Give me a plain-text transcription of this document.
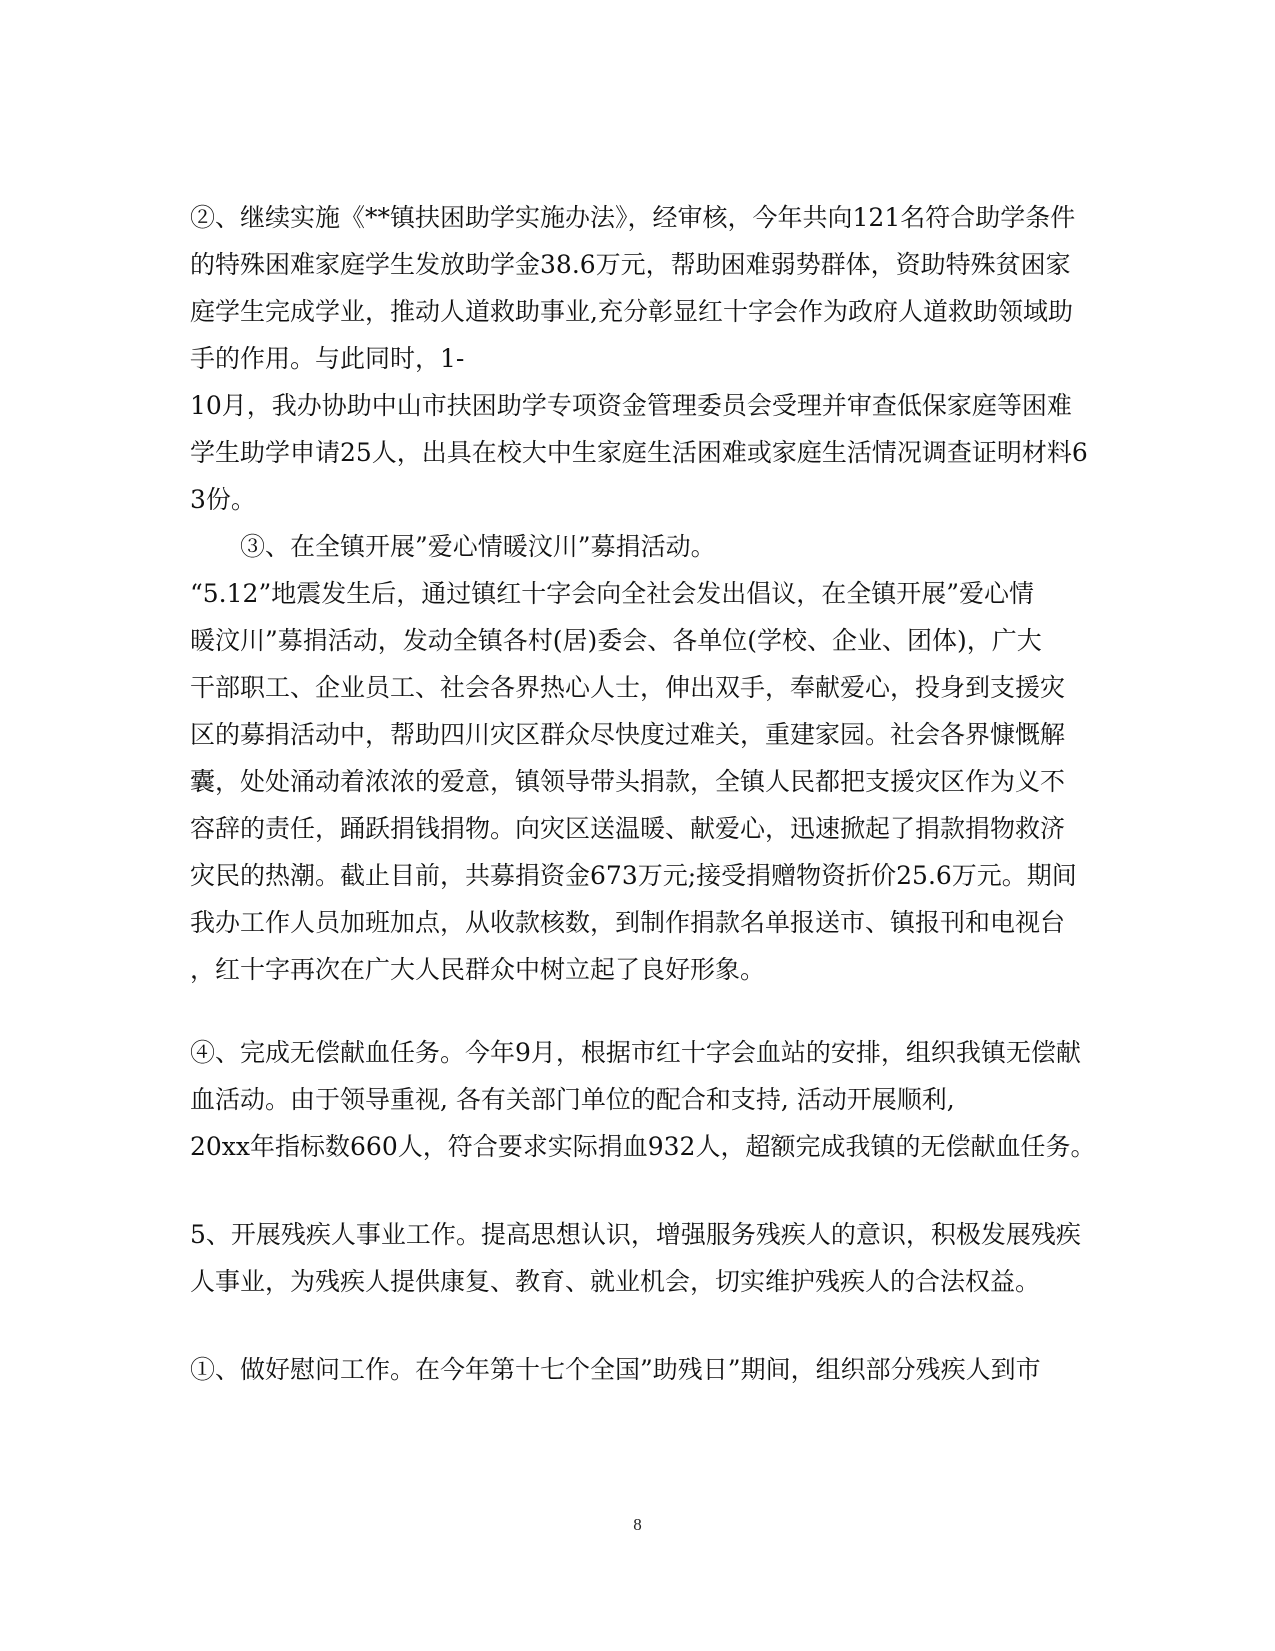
②、继续实施《**镇扶困助学实施办法》，经审核，今年共向121名符合助学条件
的特殊困难家庭学生发放助学金38.6万元，帮助困难弱势群体，资助特殊贫困家
庭学生完成学业，推动人道救助事业,充分彰显红十字会作为政府人道救助领域助
手的作用。与此同时，1-
10月，我办协助中山市扶困助学专项资金管理委员会受理并审查低保家庭等困难
学生助学申请25人，出具在校大中生家庭生活困难或家庭生活情况调查证明材料6
3份。
③、在全镇开展”爱心情暖汶川”募捐活动。
“5.12”地震发生后，通过镇红十字会向全社会发出倡议，在全镇开展”爱心情
暖汶川”募捐活动，发动全镇各村(居)委会、各单位(学校、企业、团体)，广大
干部职工、企业员工、社会各界热心人士，伸出双手，奉献爱心，投身到支援灾
区的募捐活动中，帮助四川灾区群众尽快度过难关，重建家园。社会各界慷慨解
囊，处处涌动着浓浓的爱意，镇领导带头捐款，全镇人民都把支援灾区作为义不
容辞的责任，踊跃捐钱捐物。向灾区送温暖、献爱心，迅速掀起了捐款捐物救济
灾民的热潮。截止目前，共募捐资金673万元;接受捐赠物资折价25.6万元。期间
我办工作人员加班加点，从收款核数，到制作捐款名单报送市、镇报刊和电视台
，红十字再次在广大人民群众中树立起了良好形象。
④、完成无偿献血任务。今年9月，根据市红十字会血站的安排，组织我镇无偿献
血活动。由于领导重视, 各有关部门单位的配合和支持, 活动开展顺利,
20xx年指标数660人，符合要求实际捐血932人，超额完成我镇的无偿献血任务。
5、开展残疾人事业工作。提高思想认识，增强服务残疾人的意识，积极发展残疾
人事业，为残疾人提供康复、教育、就业机会，切实维护残疾人的合法权益。
①、做好慰问工作。在今年第十七个全国”助残日”期间，组织部分残疾人到市
8
